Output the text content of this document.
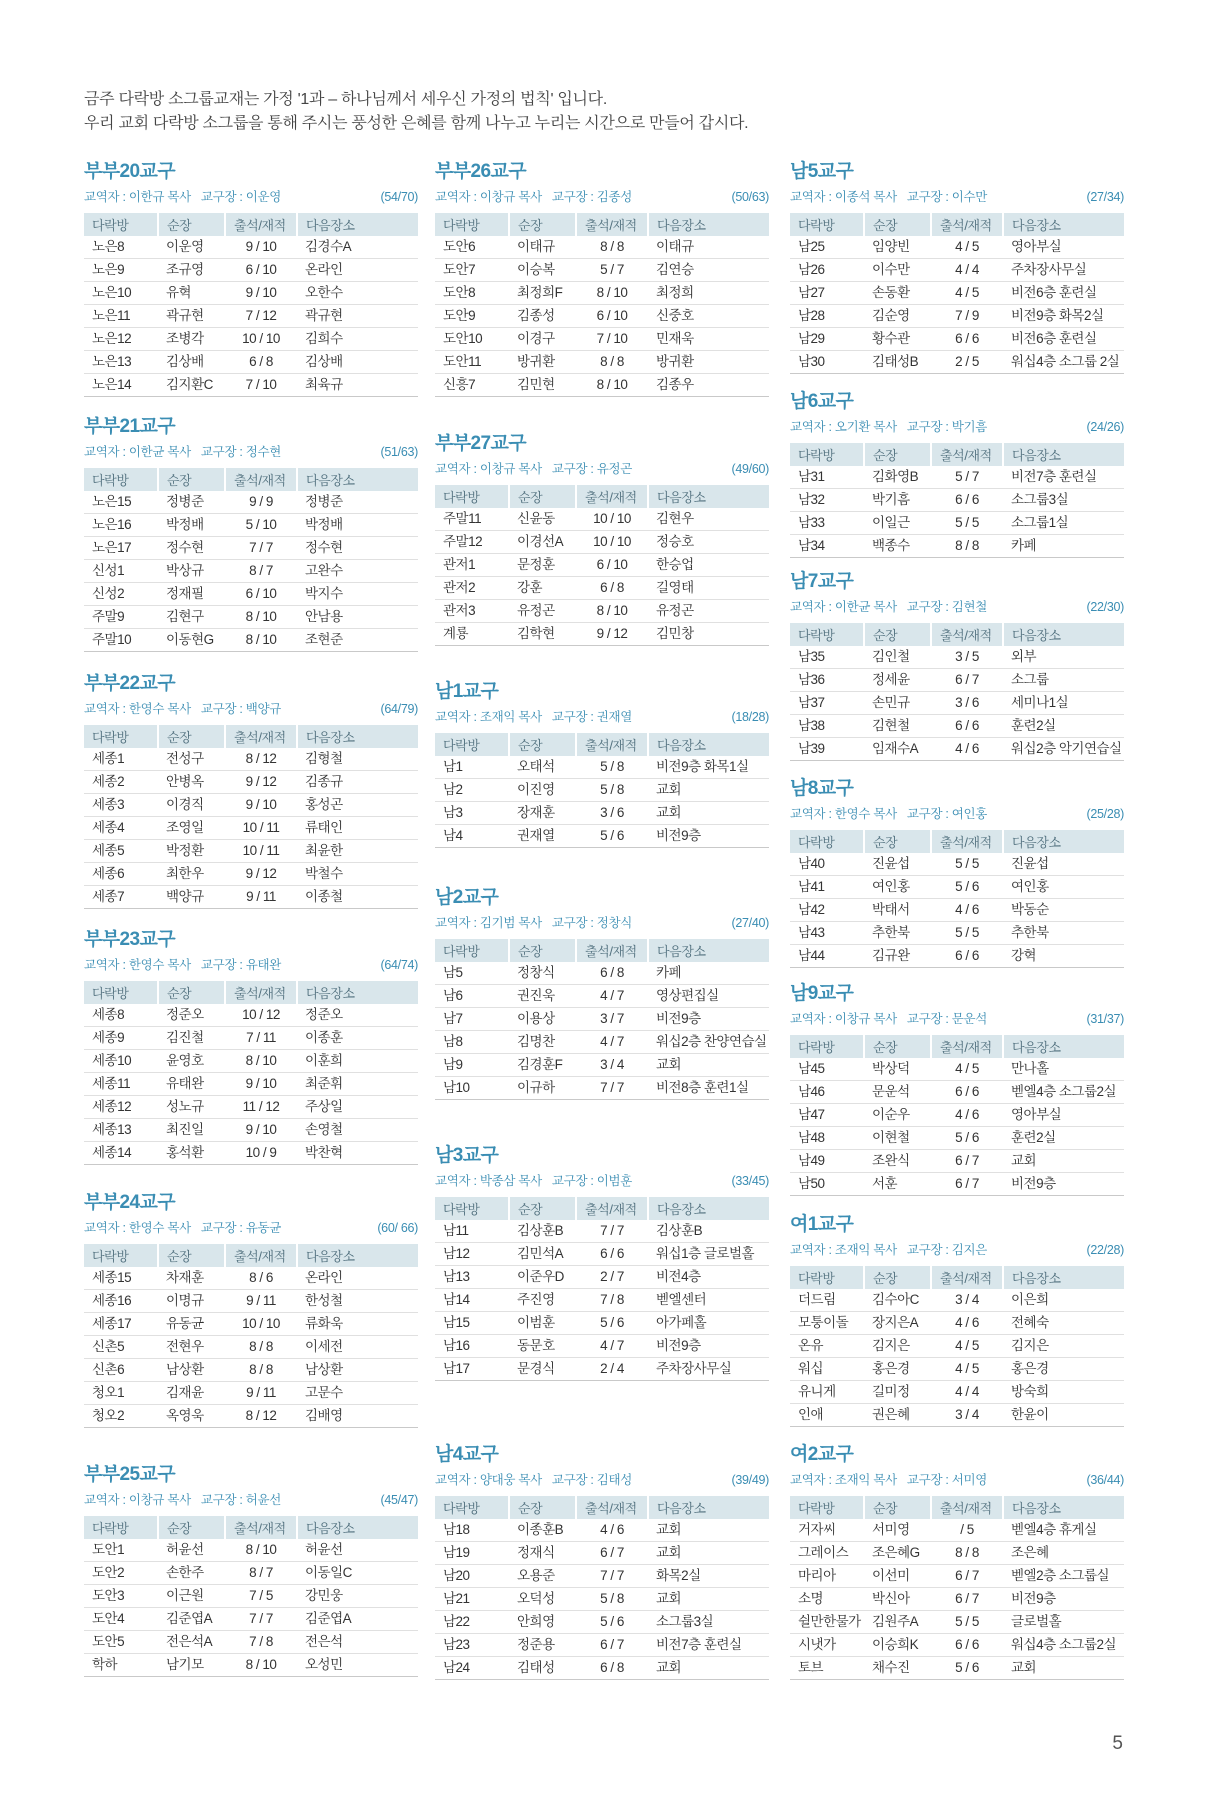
금주 다락방 소그룹교재는 가정 '1과 – 하나님께서 세우신 가정의 법칙' 입니다.
우리 교회 다락방 소그룹을 통해 주시는 풍성한 은혜를 함께 나누고 누리는 시간으로 만들어 갑시다.
부부20교구
교역자 : 이한규 목사 교구장 : 이운영	(54/70)
다락방	순장	출석/재적	다음장소
노은8	이운영	9 / 10	김경수A
노은9	조규영	6 / 10	온라인
노은10	유혁	9 / 10	오한수
노은11	곽규현	7 / 12	곽규현
노은12	조병각	10 / 10	김희수
노은13	김상배	6 / 8	김상배
노은14	김지환C	7 / 10	최육규
부부21교구
교역자 : 이한균 목사 교구장 : 정수현	(51/63)
다락방	순장	출석/재적	다음장소
노은15	정병준	9 / 9	정병준
노은16	박정배	5 / 10	박정배
노은17	정수현	7 / 7	정수현
신성1	박상규	8 / 7	고완수
신성2	정재필	6 / 10	박지수
주말9	김현구	8 / 10	안남용
주말10	이동현G	8 / 10	조현준
부부22교구
교역자 : 한영수 목사 교구장 : 백양규	(64/79)
다락방	순장	출석/재적	다음장소
세종1	전성구	8 / 12	김형철
세종2	안병옥	9 / 12	김종규
세종3	이경직	9 / 10	홍성곤
세종4	조영일	10 / 11	류태인
세종5	박정환	10 / 11	최윤한
세종6	최한우	9 / 12	박철수
세종7	백양규	9 / 11	이종철
부부23교구
교역자 : 한영수 목사 교구장 : 유태완	(64/74)
다락방	순장	출석/재적	다음장소
세종8	정준오	10 / 12	정준오
세종9	김진철	7 / 11	이종훈
세종10	윤영호	8 / 10	이훈희
세종11	유태완	9 / 10	최준휘
세종12	성노규	11 / 12	주상일
세종13	최진일	9 / 10	손영철
세종14	홍석환	10 / 9	박찬혁
부부24교구
교역자 : 한영수 목사 교구장 : 유동균	(60/ 66)
다락방	순장	출석/재적	다음장소
세종15	차재훈	8 / 6	온라인
세종16	이명규	9 / 11	한성철
세종17	유동균	10 / 10	류화욱
신촌5	전현우	8 / 8	이세전
신촌6	남상환	8 / 8	남상환
청오1	김재윤	9 / 11	고문수
청오2	옥영욱	8 / 12	김배영
부부25교구
교역자 : 이창규 목사 교구장 : 허윤선	(45/47)
다락방	순장	출석/재적	다음장소
도안1	허윤선	8 / 10	허윤선
도안2	손한주	8 / 7	이동일C
도안3	이근원	7 / 5	강민웅
도안4	김준엽A	7 / 7	김준엽A
도안5	전은석A	7 / 8	전은석
학하	남기모	8 / 10	오성민
부부26교구
교역자 : 이창규 목사 교구장 : 김종성	(50/63)
다락방	순장	출석/재적	다음장소
도안6	이태규	8 / 8	이태규
도안7	이승복	5 / 7	김연승
도안8	최정희F	8 / 10	최정희
도안9	김종성	6 / 10	신중호
도안10	이경구	7 / 10	민재욱
도안11	방귀환	8 / 8	방귀환
신흥7	김민현	8 / 10	김종우
부부27교구
교역자 : 이창규 목사 교구장 : 유정곤	(49/60)
다락방	순장	출석/재적	다음장소
주말11	신윤동	10 / 10	김현우
주말12	이경선A	10 / 10	정승호
관저1	문정훈	6 / 10	한승업
관저2	강훈	6 / 8	길영태
관저3	유정곤	8 / 10	유정곤
계룡	김학현	9 / 12	김민창
남1교구
교역자 : 조재익 목사 교구장 : 권재열	(18/28)
다락방	순장	출석/재적	다음장소
남1	오태석	5 / 8	비전9층 화목1실
남2	이진영	5 / 8	교회
남3	장재훈	3 / 6	교회
남4	권재열	5 / 6	비전9층
남2교구
교역자 : 김기범 목사 교구장 : 정창식	(27/40)
다락방	순장	출석/재적	다음장소
남5	정창식	6 / 8	카페
남6	권진욱	4 / 7	영상편집실
남7	이용상	3 / 7	비전9층
남8	김명찬	4 / 7	워십2층 찬양연습실
남9	김경훈F	3 / 4	교회
남10	이규하	7 / 7	비전8층 훈련1실
남3교구
교역자 : 박종삼 목사 교구장 : 이범훈	(33/45)
다락방	순장	출석/재적	다음장소
남11	김상훈B	7 / 7	김상훈B
남12	김민석A	6 / 6	워십1층 글로벌홀
남13	이준우D	2 / 7	비전4층
남14	주진영	7 / 8	벧엘센터
남15	이범훈	5 / 6	아가페홀
남16	동문호	4 / 7	비전9층
남17	문경식	2 / 4	주차장사무실
남4교구
교역자 : 양대웅 목사 교구장 : 김태성	(39/49)
다락방	순장	출석/재적	다음장소
남18	이종훈B	4 / 6	교회
남19	정재식	6 / 7	교회
남20	오용준	7 / 7	화목2실
남21	오덕성	5 / 8	교회
남22	안희영	5 / 6	소그룹3실
남23	정준용	6 / 7	비전7층 훈련실
남24	김태성	6 / 8	교회
남5교구
교역자 : 이종석 목사 교구장 : 이수만	(27/34)
다락방	순장	출석/재적	다음장소
남25	임양빈	4 / 5	영아부실
남26	이수만	4 / 4	주차장사무실
남27	손동환	4 / 5	비전6층 훈련실
남28	김순영	7 / 9	비전9층 화목2실
남29	황수관	6 / 6	비전6층 훈련실
남30	김태성B	2 / 5	워십4층 소그룹 2실
남6교구
교역자 : 오기환 목사 교구장 : 박기흠	(24/26)
다락방	순장	출석/재적	다음장소
남31	김화영B	5 / 7	비전7층 훈련실
남32	박기흠	6 / 6	소그룹3실
남33	이일근	5 / 5	소그룹1실
남34	백종수	8 / 8	카페
남7교구
교역자 : 이한균 목사 교구장 : 김현철	(22/30)
다락방	순장	출석/재적	다음장소
남35	김인철	3 / 5	외부
남36	정세윤	6 / 7	소그룹
남37	손민규	3 / 6	세미나1실
남38	김현철	6 / 6	훈련2실
남39	임재수A	4 / 6	워십2층 악기연습실
남8교구
교역자 : 한영수 목사 교구장 : 여인홍	(25/28)
다락방	순장	출석/재적	다음장소
남40	진윤섭	5 / 5	진윤섭
남41	여인홍	5 / 6	여인홍
남42	박태서	4 / 6	박동순
남43	추한북	5 / 5	추한북
남44	김규완	6 / 6	강혁
남9교구
교역자 : 이창규 목사 교구장 : 문운석	(31/37)
다락방	순장	출석/재적	다음장소
남45	박상덕	4 / 5	만나홀
남46	문운석	6 / 6	벧엘4층 소그룹2실
남47	이순우	4 / 6	영아부실
남48	이현철	5 / 6	훈련2실
남49	조완식	6 / 7	교회
남50	서훈	6 / 7	비전9층
여1교구
교역자 : 조재익 목사 교구장 : 김지은	(22/28)
다락방	순장	출석/재적	다음장소
더드림	김수아C	3 / 4	이은희
모퉁이돌	장지은A	4 / 6	전혜숙
온유	김지은	4 / 5	김지은
워십	홍은경	4 / 5	홍은경
유니게	길미정	4 / 4	방숙희
인애	권은혜	3 / 4	한윤이
여2교구
교역자 : 조재익 목사 교구장 : 서미영	(36/44)
다락방	순장	출석/재적	다음장소
거자씨	서미영	/ 5	벧엘4층 휴게실
그레이스	조은혜G	8 / 8	조은혜
마리아	이선미	6 / 7	벧엘2층 소그룹실
소명	박신아	6 / 7	비전9층
쉴만한물가	김원주A	5 / 5	글로벌홀
시냇가	이승희K	6 / 6	워십4층 소그룹2실
토브	채수진	5 / 6	교회
5
